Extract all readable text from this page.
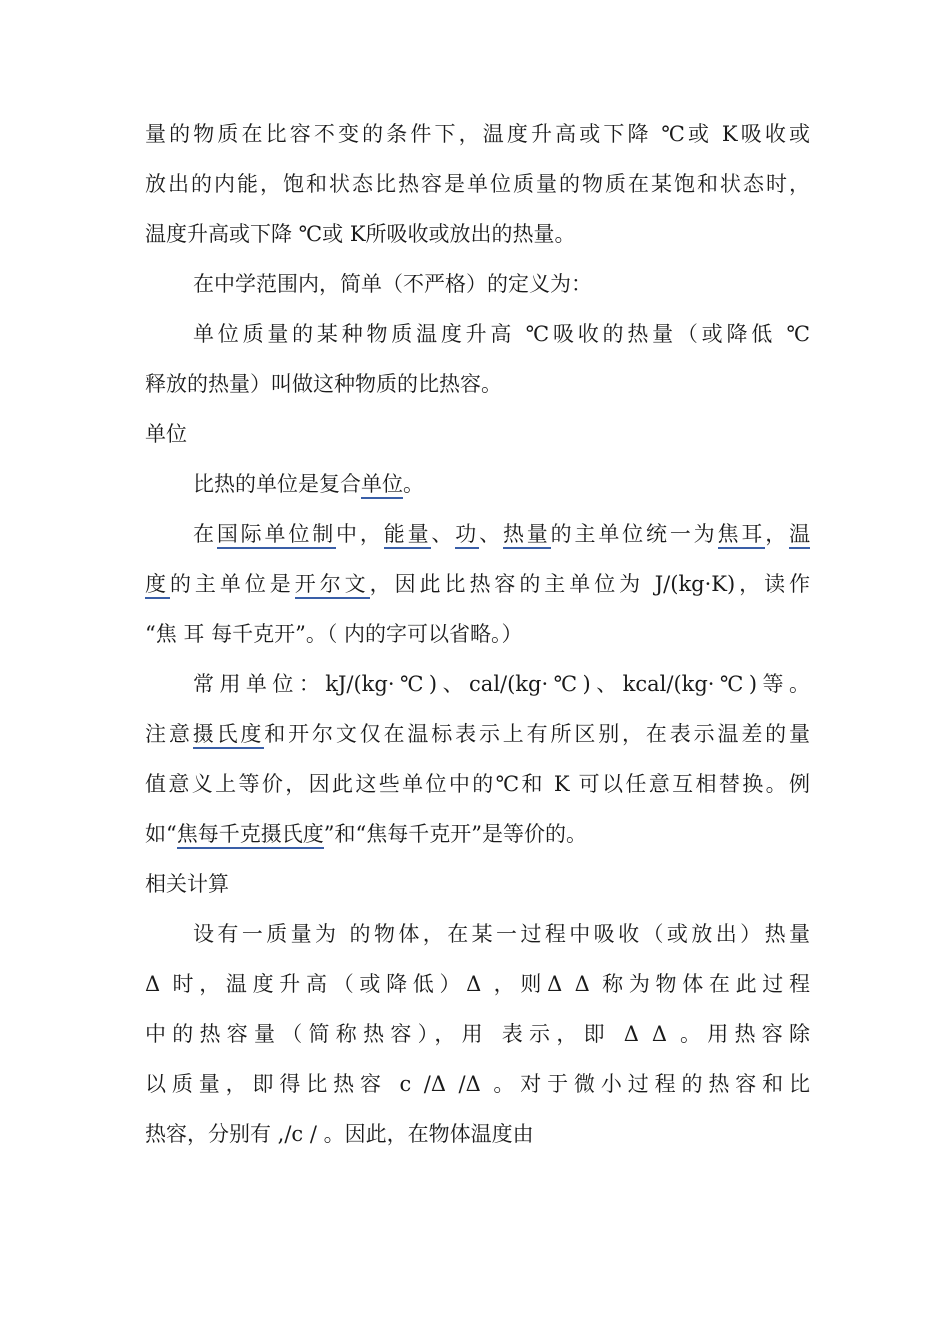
量的物质在比容不变的条件下，温度升高或下降 ℃或 K吸收或
放出的内能，饱和状态比热容是单位质量的物质在某饱和状态时，
温度升高或下降 ℃或 K所吸收或放出的热量。
在中学范围内，简单（不严格）的定义为：
单位质量的某种物质温度升高 ℃吸收的热量（或降低 ℃
释放的热量）叫做这种物质的比热容。
单位
比热的单位是复合单位。
在国际单位制中，能量、功、热量的主单位统一为焦耳，温
度的主单位是开尔文，因此比热容的主单位为 J/(kg·K)，读作
“焦 耳 每千克开”。（ 内的字可以省略。）
常用单位：kJ/(kg·℃)、cal/(kg·℃)、kcal/(kg·℃)等。
注意摄氏度和开尔文仅在温标表示上有所区别，在表示温差的量
值意义上等价，因此这些单位中的℃和 K 可以任意互相替换。例
如“焦每千克摄氏度”和“焦每千克开”是等价的。
相关计算
设有一质量为 的物体，在某一过程中吸收（或放出）热量
Δ 时，温度升高（或降低）Δ ，则Δ Δ 称为物体在此过程
中的热容量（简称热容），用 表示，即 Δ Δ 。用热容除
以质量，即得比热容 c /Δ /Δ 。对于微小过程的热容和比
热容，分别有 ,/c / 。因此，在物体温度由
